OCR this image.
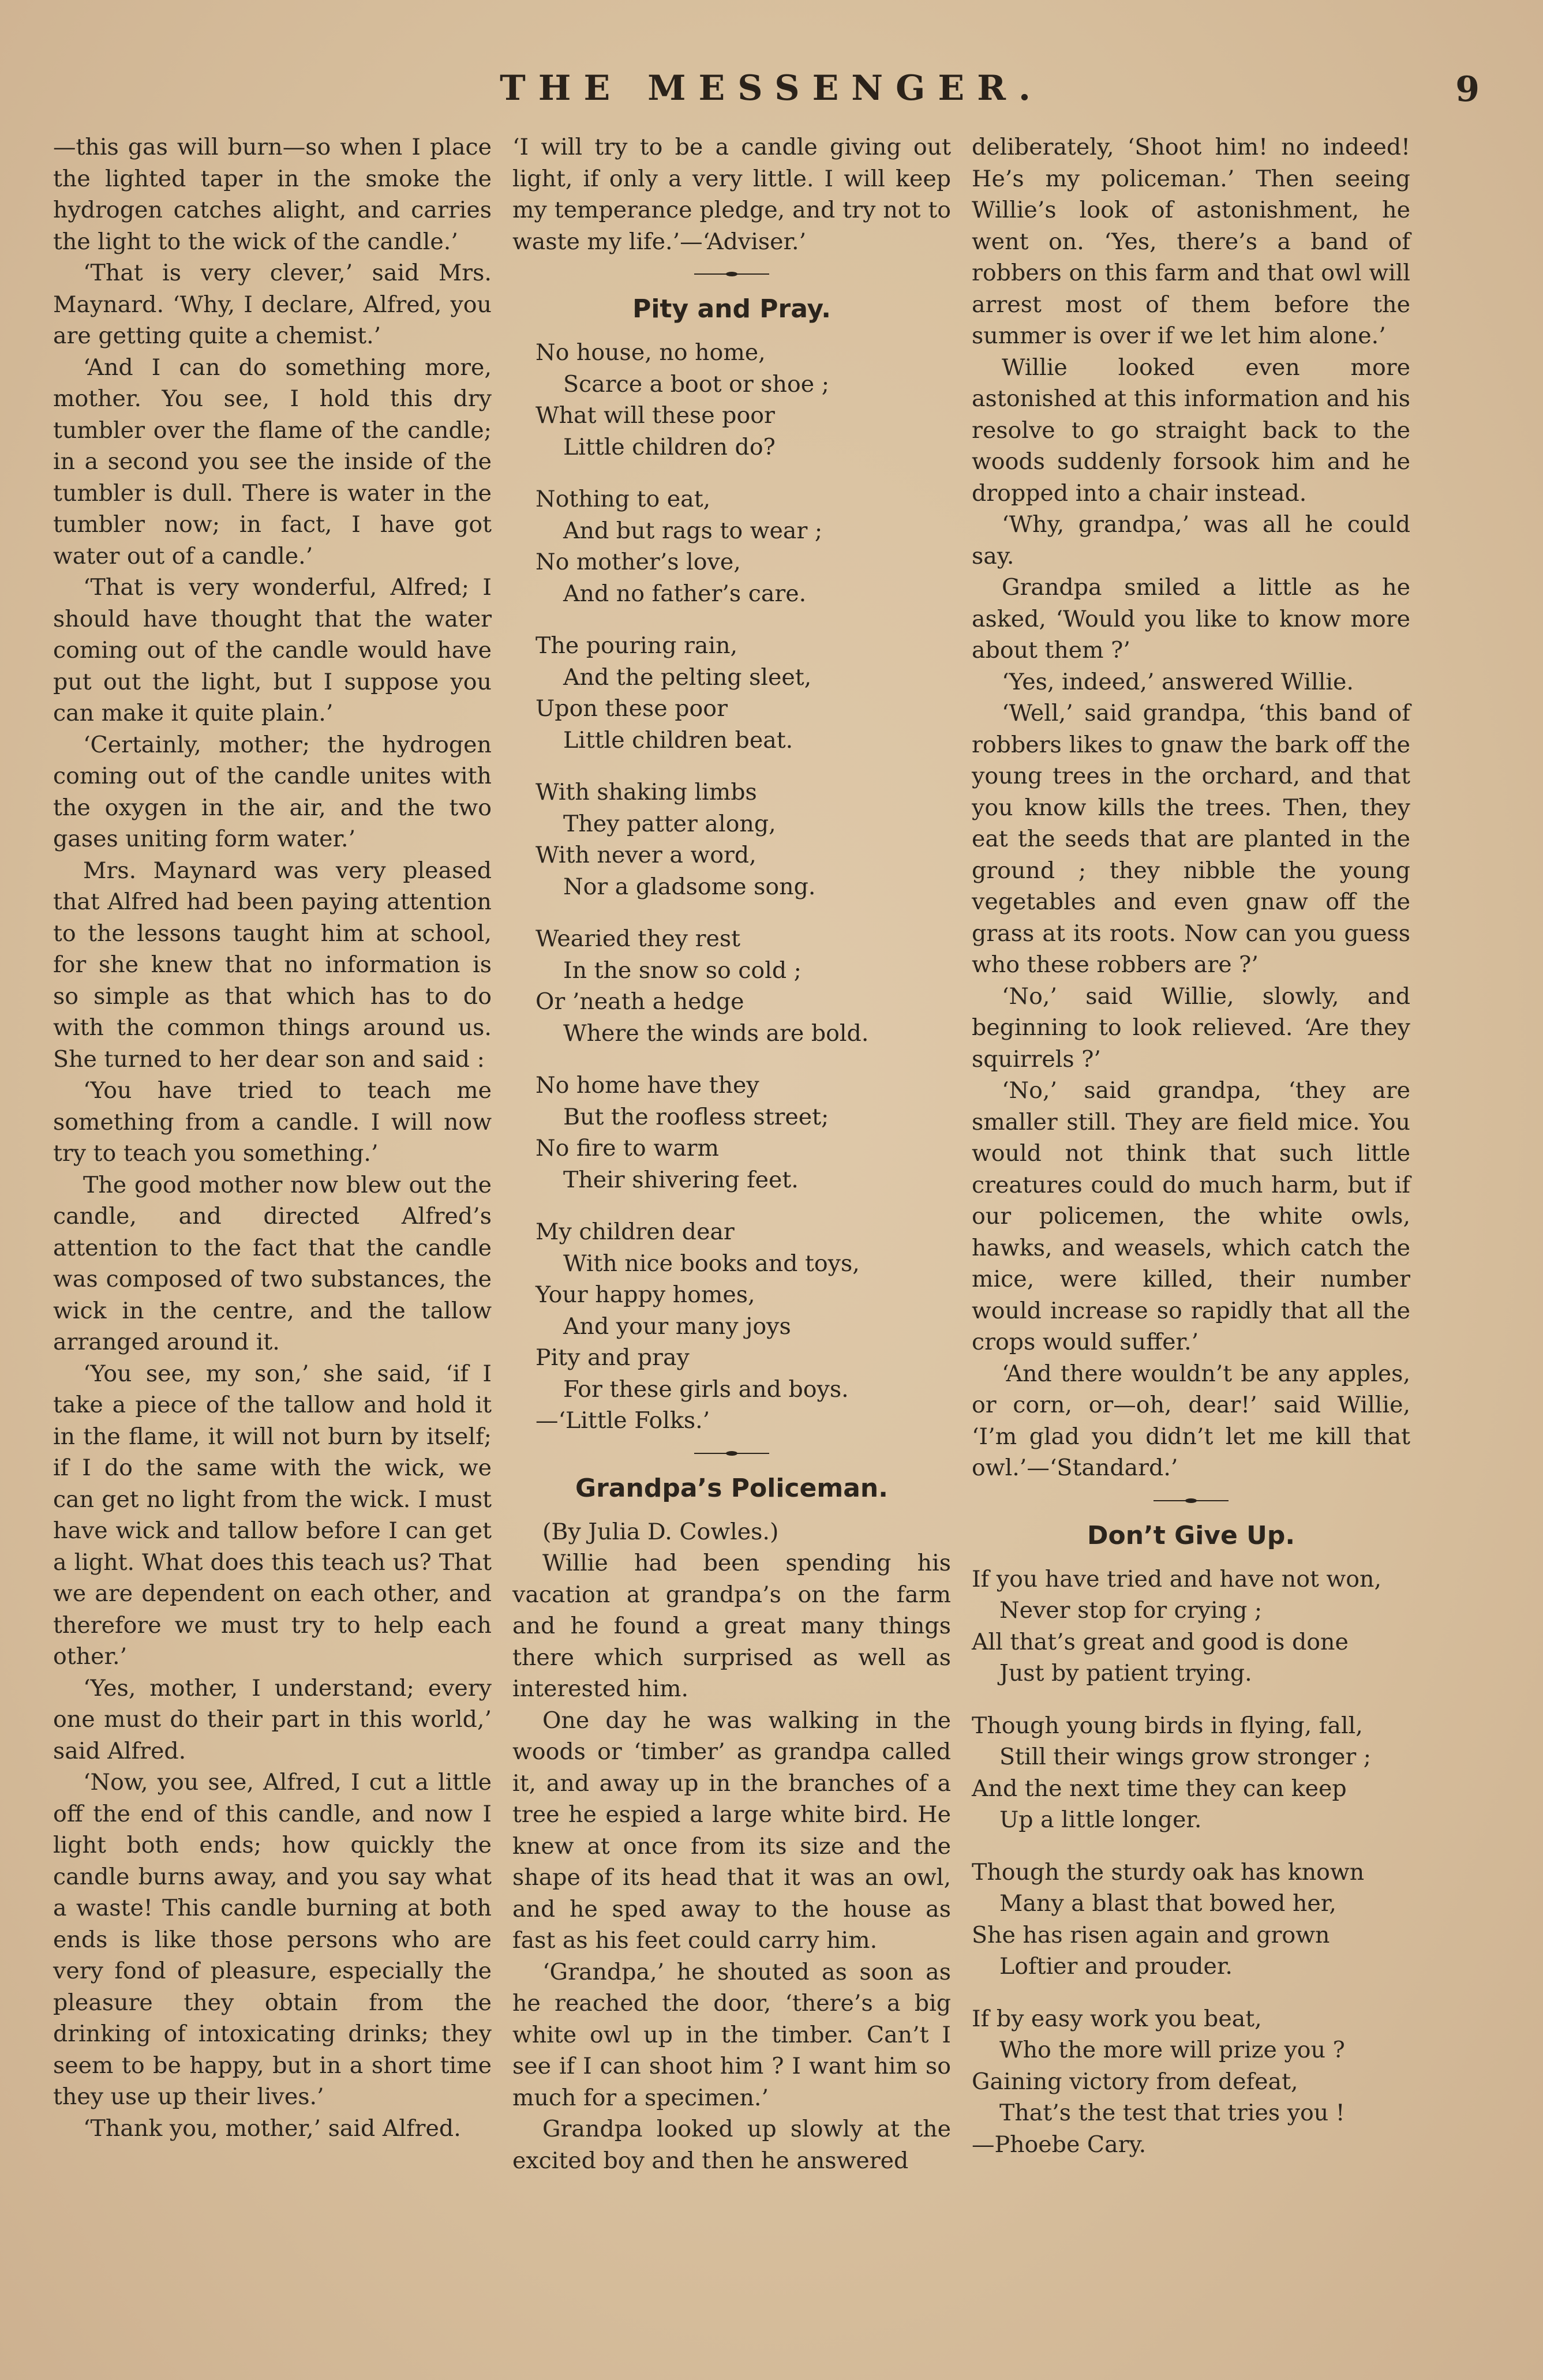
THE MESSENGER.	9

—this gas will burn—so when I place the lighted taper in the smoke the hydrogen catches alight, and carries the light to the wick of the candle.’

‘That is very clever,’ said Mrs. Maynard. ‘Why, I declare, Alfred, you are getting quite a chemist.’

‘And I can do something more, mother. You see, I hold this dry tumbler over the flame of the candle; in a second you see the inside of the tumbler is dull. There is water in the tumbler now; in fact, I have got water out of a candle.’

‘That is very wonderful, Alfred; I should have thought that the water coming out of the candle would have put out the light, but I suppose you can make it quite plain.’

‘Certainly, mother; the hydrogen coming out of the candle unites with the oxygen in the air, and the two gases uniting form water.’

Mrs. Maynard was very pleased that Alfred had been paying attention to the lessons taught him at school, for she knew that no information is so simple as that which has to do with the common things around us. She turned to her dear son and said :

‘You have tried to teach me something from a candle. I will now try to teach you something.’

The good mother now blew out the candle, and directed Alfred’s attention to the fact that the candle was composed of two substances, the wick in the centre, and the tallow arranged around it.

‘You see, my son,’ she said, ‘if I take a piece of the tallow and hold it in the flame, it will not burn by itself; if I do the same with the wick, we can get no light from the wick. I must have wick and tallow before I can get a light. What does this teach us? That we are dependent on each other, and therefore we must try to help each other.’

‘Yes, mother, I understand; every one must do their part in this world,’ said Alfred.

‘Now, you see, Alfred, I cut a little off the end of this candle, and now I light both ends; how quickly the candle burns away, and you say what a waste! This candle burning at both ends is like those persons who are very fond of pleasure, especially the pleasure they obtain from the drinking of intoxicating drinks; they seem to be happy, but in a short time they use up their lives.’

‘Thank you, mother,’ said Alfred.

‘I will try to be a candle giving out light, if only a very little. I will keep my temperance pledge, and try not to waste my life.’—‘Adviser.’

Pity and Pray.
No house, no home,
Scarce a boot or shoe ;
What will these poor
Little children do?
Nothing to eat,
And but rags to wear ;
No mother’s love,
And no father’s care.
The pouring rain,
And the pelting sleet,
Upon these poor
Little children beat.
With shaking limbs
They patter along,
With never a word,
Nor a gladsome song.
Wearied they rest
In the snow so cold ;
Or ’neath a hedge
Where the winds are bold.
No home have they
But the roofless street;
No fire to warm
Their shivering feet.
My children dear
With nice books and toys,
Your happy homes,
And your many joys
Pity and pray
For these girls and boys.
—‘Little Folks.’
Grandpa’s Policeman.

(By Julia D. Cowles.)

Willie had been spending his vacation at grandpa’s on the farm and he found a great many things there which surprised as well as interested him.

One day he was walking in the woods or ‘timber’ as grandpa called it, and away up in the branches of a tree he espied a large white bird. He knew at once from its size and the shape of its head that it was an owl, and he sped away to the house as fast as his feet could carry him.

‘Grandpa,’ he shouted as soon as he reached the door, ‘there’s a big white owl up in the timber. Can’t I see if I can shoot him ? I want him so much for a specimen.’

Grandpa looked up slowly at the excited boy and then he answered

deliberately, ‘Shoot him! no indeed! He’s my policeman.’ Then seeing Willie’s look of astonishment, he went on. ‘Yes, there’s a band of robbers on this farm and that owl will arrest most of them before the summer is over if we let him alone.’

Willie looked even more astonished at this information and his resolve to go straight back to the woods suddenly forsook him and he dropped into a chair instead.

‘Why, grandpa,’ was all he could say.

Grandpa smiled a little as he asked, ‘Would you like to know more about them ?’

‘Yes, indeed,’ answered Willie.

‘Well,’ said grandpa, ‘this band of robbers likes to gnaw the bark off the young trees in the orchard, and that you know kills the trees. Then, they eat the seeds that are planted in the ground ; they nibble the young vegetables and even gnaw off the grass at its roots. Now can you guess who these robbers are ?’

‘No,’ said Willie, slowly, and beginning to look relieved. ‘Are they squirrels ?’

‘No,’ said grandpa, ‘they are smaller still. They are field mice. You would not think that such little creatures could do much harm, but if our policemen, the white owls, hawks, and weasels, which catch the mice, were killed, their number would increase so rapidly that all the crops would suffer.’

‘And there wouldn’t be any apples, or corn, or—oh, dear!’ said Willie, ‘I’m glad you didn’t let me kill that owl.’—‘Standard.’

Don’t Give Up.
If you have tried and have not won,
Never stop for crying ;
All that’s great and good is done
Just by patient trying.
Though young birds in flying, fall,
Still their wings grow stronger ;
And the next time they can keep
Up a little longer.
Though the sturdy oak has known
Many a blast that bowed her,
She has risen again and grown
Loftier and prouder.
If by easy work you beat,
Who the more will prize you ?
Gaining victory from defeat,
That’s the test that tries you !
—Phoebe Cary.
